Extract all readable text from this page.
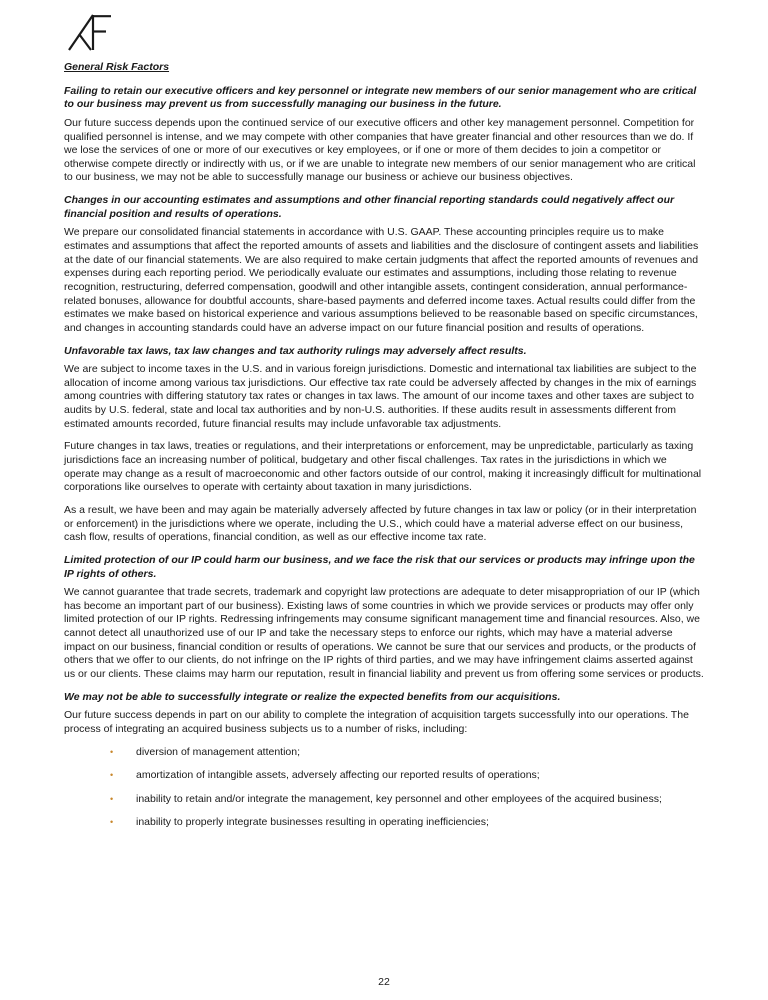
General Risk Factors
Failing to retain our executive officers and key personnel or integrate new members of our senior management who are critical to our business may prevent us from successfully managing our business in the future.

Our future success depends upon the continued service of our executive officers and other key management personnel. Competition for qualified personnel is intense, and we may compete with other companies that have greater financial and other resources than we do. If we lose the services of one or more of our executives or key employees, or if one or more of them decides to join a competitor or otherwise compete directly or indirectly with us, or if we are unable to integrate new members of our senior management who are critical to our business, we may not be able to successfully manage our business or achieve our business objectives.

Changes in our accounting estimates and assumptions and other financial reporting standards could negatively affect our financial position and results of operations.

We prepare our consolidated financial statements in accordance with U.S. GAAP. These accounting principles require us to make estimates and assumptions that affect the reported amounts of assets and liabilities and the disclosure of contingent assets and liabilities at the date of our financial statements. We are also required to make certain judgments that affect the reported amounts of revenues and expenses during each reporting period. We periodically evaluate our estimates and assumptions, including those relating to revenue recognition, restructuring, deferred compensation, goodwill and other intangible assets, contingent consideration, annual performance-related bonuses, allowance for doubtful accounts, share-based payments and deferred income taxes. Actual results could differ from the estimates we make based on historical experience and various assumptions believed to be reasonable based on specific circumstances, and changes in accounting standards could have an adverse impact on our future financial position and results of operations.

Unfavorable tax laws, tax law changes and tax authority rulings may adversely affect results.

We are subject to income taxes in the U.S. and in various foreign jurisdictions. Domestic and international tax liabilities are subject to the allocation of income among various tax jurisdictions. Our effective tax rate could be adversely affected by changes in the mix of earnings among countries with differing statutory tax rates or changes in tax laws. The amount of our income taxes and other taxes are subject to audits by U.S. federal, state and local tax authorities and by non-U.S. authorities. If these audits result in assessments different from estimated amounts recorded, future financial results may include unfavorable tax adjustments.

Future changes in tax laws, treaties or regulations, and their interpretations or enforcement, may be unpredictable, particularly as taxing jurisdictions face an increasing number of political, budgetary and other fiscal challenges. Tax rates in the jurisdictions in which we operate may change as a result of macroeconomic and other factors outside of our control, making it increasingly difficult for multinational corporations like ourselves to operate with certainty about taxation in many jurisdictions.

As a result, we have been and may again be materially adversely affected by future changes in tax law or policy (or in their interpretation or enforcement) in the jurisdictions where we operate, including the U.S., which could have a material adverse effect on our business, cash flow, results of operations, financial condition, as well as our effective income tax rate.

Limited protection of our IP could harm our business, and we face the risk that our services or products may infringe upon the IP rights of others.

We cannot guarantee that trade secrets, trademark and copyright law protections are adequate to deter misappropriation of our IP (which has become an important part of our business). Existing laws of some countries in which we provide services or products may offer only limited protection of our IP rights. Redressing infringements may consume significant management time and financial resources. Also, we cannot detect all unauthorized use of our IP and take the necessary steps to enforce our rights, which may have a material adverse impact on our business, financial condition or results of operations. We cannot be sure that our services and products, or the products of others that we offer to our clients, do not infringe on the IP rights of third parties, and we may have infringement claims asserted against us or our clients. These claims may harm our reputation, result in financial liability and prevent us from offering some services or products.

We may not be able to successfully integrate or realize the expected benefits from our acquisitions.

Our future success depends in part on our ability to complete the integration of acquisition targets successfully into our operations. The process of integrating an acquired business subjects us to a number of risks, including:

•	diversion of management attention;
•	amortization of intangible assets, adversely affecting our reported results of operations;
•	inability to retain and/or integrate the management, key personnel and other employees of the acquired business;
•	inability to properly integrate businesses resulting in operating inefficiencies;
22
